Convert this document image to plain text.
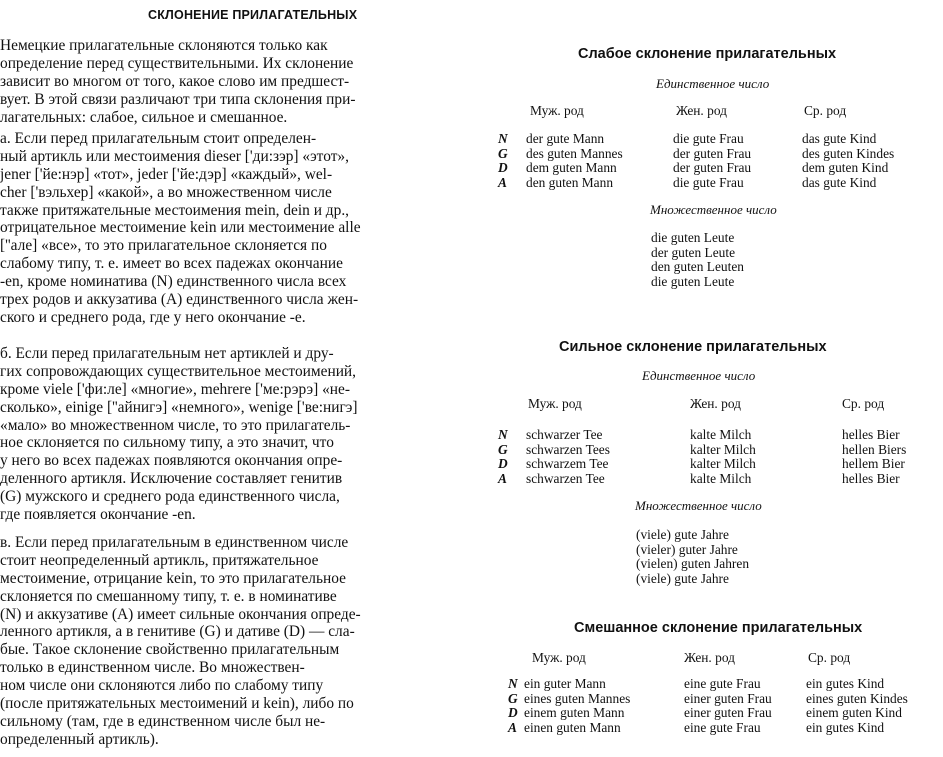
СКЛОНЕНИЕ ПРИЛАГАТЕЛЬНЫХ
Немецкие прилагательные склоняются только как
определение перед существительными. Их склонение
зависит во многом от того, какое слово им предшест-
вует. В этой связи различают три типа склонения при-
лагательных: слабое, сильное и смешанное.
а. Если перед прилагательным стоит определен-
ный артикль или местоимения dieser ['ди:зэр] «этот»,
jener ['йе:нэр] «тот», jeder ['йе:дэр] «каждый», wel-
cher ['вэльхер] «какой», а во множественном числе
также притяжательные местоимения mein, dein и др.,
отрицательное местоимение kein или местоимение alle
[''але] «все», то это прилагательное склоняется по
слабому типу, т. е. имеет во всех падежах окончание
-en, кроме номинатива (N) единственного числа всех
трех родов и аккузатива (A) единственного числа жен-
ского и среднего рода, где у него окончание -e.
б. Если перед прилагательным нет артиклей и дру-
гих сопровождающих существительное местоимений,
кроме viele ['фи:ле] «многие», mehrere ['ме:рэрэ] «не-
сколько», einige [''айнигэ] «немного», wenige ['ве:нигэ]
«мало» во множественном числе, то это прилагатель-
ное склоняется по сильному типу, а это значит, что
у него во всех падежах появляются окончания опре-
деленного артикля. Исключение составляет генитив
(G) мужского и среднего рода единственного числа,
где появляется окончание -en.
в. Если перед прилагательным в единственном числе
стоит неопределенный артикль, притяжательное
местоимение, отрицание kein, то это прилагательное
склоняется по смешанному типу, т. е. в номинативе
(N) и аккузативе (A) имеет сильные окончания опреде-
ленного артикля, а в генитиве (G) и дативе (D) — сла-
бые. Такое склонение свойственно прилагательным
только в единственном числе. Во множествен-
ном числе они склоняются либо по слабому типу
(после притяжательных местоимений и kein), либо по
сильному (там, где в единственном числе был не-
определенный артикль).
Слабое склонение прилагательных
Единственное число
Муж. род	Жен. род	Ср. род
N der gute Mann	die gute Frau	das gute Kind
G des guten Mannes	der guten Frau	des guten Kindes
D dem guten Mann	der guten Frau	dem guten Kind
A den guten Mann	die gute Frau	das gute Kind
Множественное число
die guten Leute
der guten Leute
den guten Leuten
die guten Leute
Сильное склонение прилагательных
Единственное число
Муж. род	Жен. род	Ср. род
N schwarzer Tee	kalte Milch	helles Bier
G schwarzen Tees	kalter Milch	hellen Biers
D schwarzem Tee	kalter Milch	hellem Bier
A schwarzen Tee	kalte Milch	helles Bier
Множественное число
(viele) gute Jahre
(vieler) guter Jahre
(vielen) guten Jahren
(viele) gute Jahre
Смешанное склонение прилагательных
Муж. род	Жен. род	Ср. род
N ein guter Mann	eine gute Frau	ein gutes Kind
G eines guten Mannes	einer guten Frau	eines guten Kindes
D einem guten Mann	einer guten Frau	einem guten Kind
A einen guten Mann	eine gute Frau	ein gutes Kind
